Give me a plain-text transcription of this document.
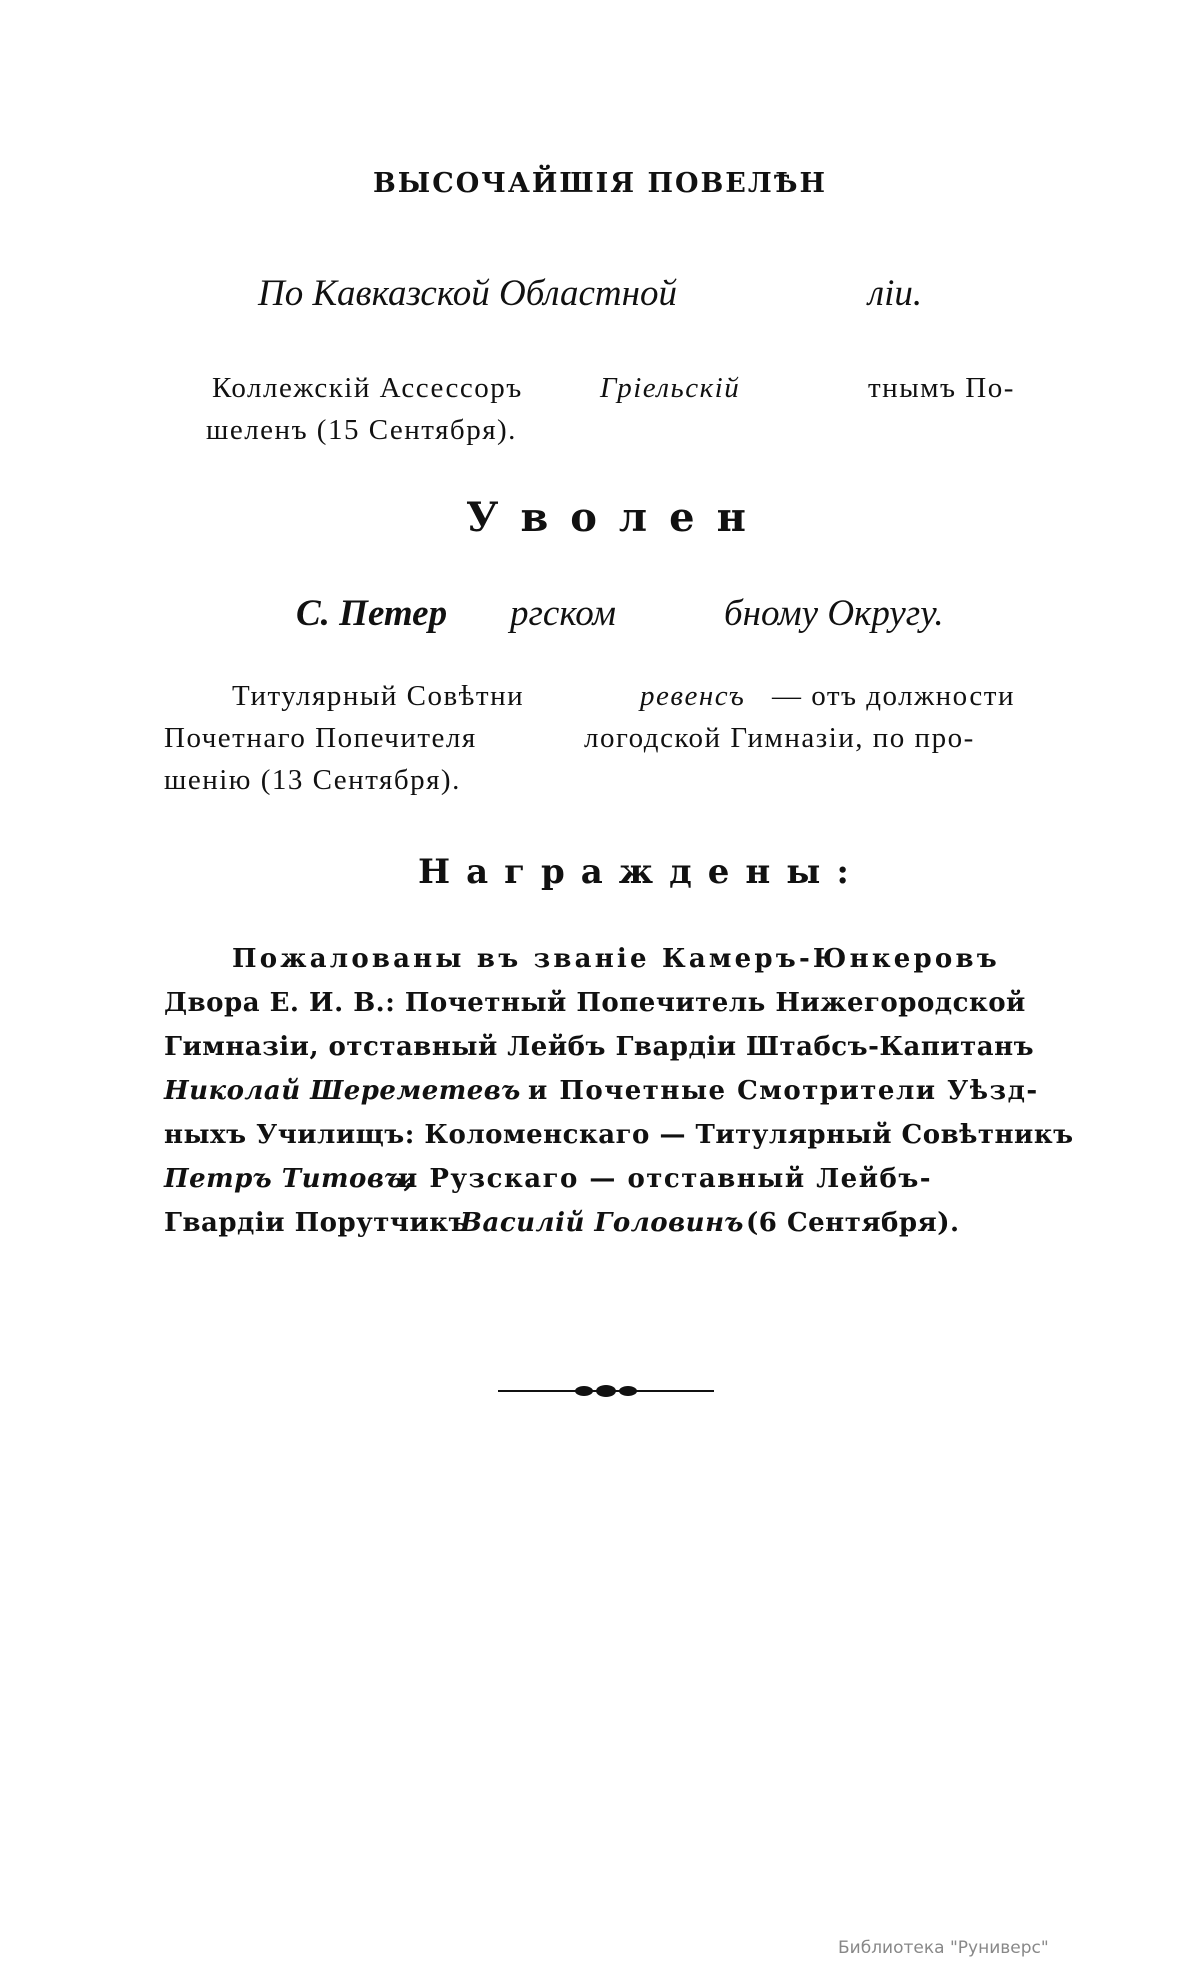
ВЫСОЧАЙШІЯ ПОВЕЛѢН
По Кавказской Областной	ліи.
Коллежскій Ассессоръ	Гріельскій	тнымъ По-
шеленъ (15 Сентября).
Уволен
С. Петер ргском	бному Округу.
Титулярный Совѣтни	ревенсъ — отъ должности
Почетнаго Попечителя	логодской Гимназіи, по про-
шенію (13 Сентября).
Награждены:
Пожалованы въ званіе Камеръ-Юнкеровъ
Двора Е. И. В.: Почетный Попечитель Нижегородской
Гимназіи, отставный Лейбъ Гвардіи Штабсъ-Капитанъ
Николай Шереметевъ и Почетные Смотрители Уѣзд-
ныхъ Училищъ: Коломенскаго — Титулярный Совѣтникъ
Петръ Титовъ,
и Рузскаго — отставный Лейбъ-
Гвардіи Порутчикъ
Василій Головинъ (6 Сентября).
Библиотека "Руниверс"
